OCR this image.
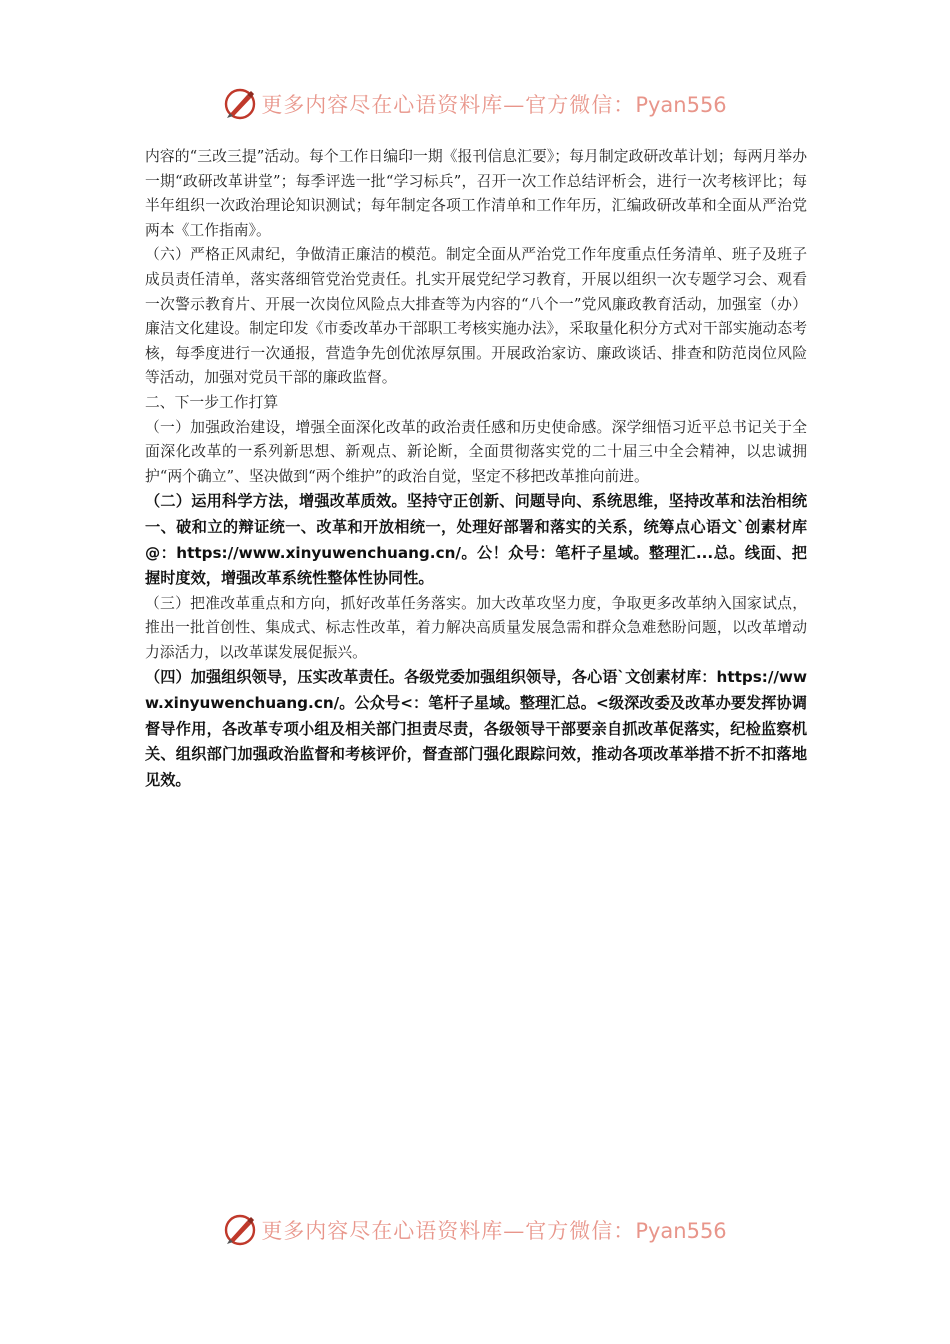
更多内容尽在心语资料库—官方微信：Pyan556

内容的“三改三提”活动。每个工作日编印一期《报刊信息汇要》；每月制定政研改革计划；每两月举办一期“政研改革讲堂”；每季评选一批“学习标兵”，召开一次工作总结评析会，进行一次考核评比；每半年组织一次政治理论知识测试；每年制定各项工作清单和工作年历，汇编政研改革和全面从严治党两本《工作指南》。

（六）严格正风肃纪，争做清正廉洁的模范。制定全面从严治党工作年度重点任务清单、班子及班子成员责任清单，落实落细管党治党责任。扎实开展党纪学习教育，开展以组织一次专题学习会、观看一次警示教育片、开展一次岗位风险点大排查等为内容的“八个一”党风廉政教育活动，加强室（办）廉洁文化建设。制定印发《市委改革办干部职工考核实施办法》，采取量化积分方式对干部实施动态考核，每季度进行一次通报，营造争先创优浓厚氛围。开展政治家访、廉政谈话、排查和防范岗位风险等活动，加强对党员干部的廉政监督。

二、下一步工作打算

（一）加强政治建设，增强全面深化改革的政治责任感和历史使命感。深学细悟习近平总书记关于全面深化改革的一系列新思想、新观点、新论断，全面贯彻落实党的二十届三中全会精神，以忠诚拥护“两个确立”、坚决做到“两个维护”的政治自觉，坚定不移把改革推向前进。

（二）运用科学方法，增强改革质效。坚持守正创新、问题导向、系统思维，坚持改革和法治相统一、破和立的辩证统一、改革和开放相统一，处理好部署和落实的关系，统筹点心语文`创素材库@：https://www.xinyuwenchuang.cn/。公！众号：笔杆子星域。整理汇...总。线面、把握时度效，增强改革系统性整体性协同性。

（三）把准改革重点和方向，抓好改革任务落实。加大改革攻坚力度，争取更多改革纳入国家试点，推出一批首创性、集成式、标志性改革，着力解决高质量发展急需和群众急难愁盼问题，以改革增动力添活力，以改革谋发展促振兴。

（四）加强组织领导，压实改革责任。各级党委加强组织领导，各心语`文创素材库：https://www.xinyuwenchuang.cn/。公众号<：笔杆子星域。整理汇总。<级深改委及改革办要发挥协调督导作用，各改革专项小组及相关部门担责尽责，各级领导干部要亲自抓改革促落实，纪检监察机关、组织部门加强政治监督和考核评价，督查部门强化跟踪问效，推动各项改革举措不折不扣落地见效。

更多内容尽在心语资料库—官方微信：Pyan556
